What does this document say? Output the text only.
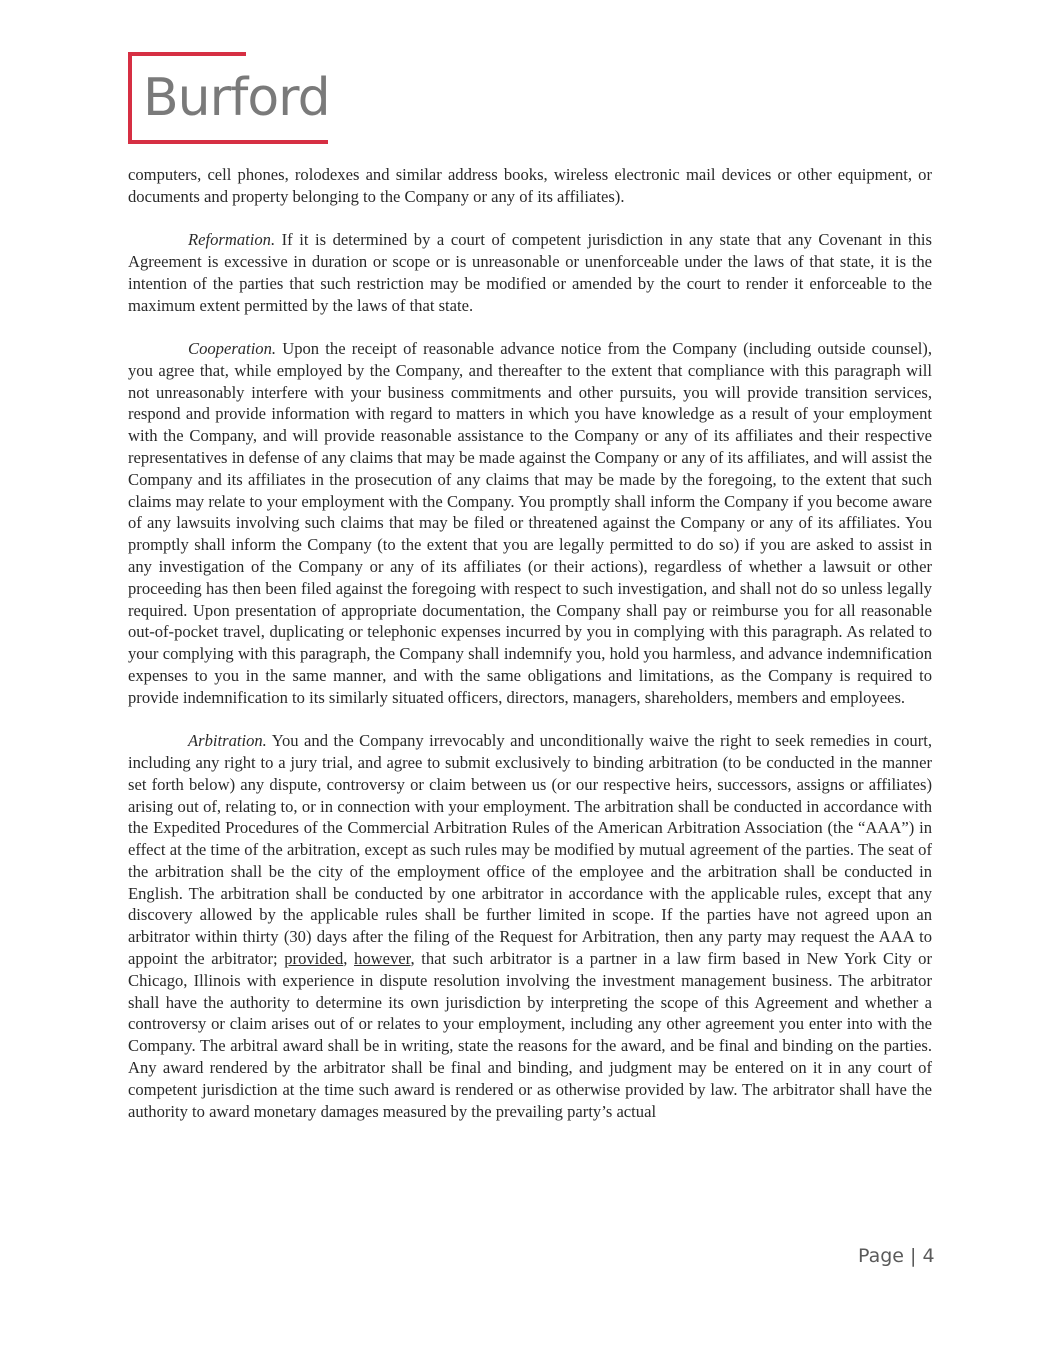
Burford

computers, cell phones, rolodexes and similar address books, wireless electronic mail devices or other equipment, or documents and property belonging to the Company or any of its affiliates).

Reformation. If it is determined by a court of competent jurisdiction in any state that any Covenant in this Agreement is excessive in duration or scope or is unreasonable or unenforceable under the laws of that state, it is the intention of the parties that such restriction may be modified or amended by the court to render it enforceable to the maximum extent permitted by the laws of that state.

Cooperation. Upon the receipt of reasonable advance notice from the Company (including outside counsel), you agree that, while employed by the Company, and thereafter to the extent that compliance with this paragraph will not unreasonably interfere with your business commitments and other pursuits, you will provide transition services, respond and provide information with regard to matters in which you have knowledge as a result of your employment with the Company, and will provide reasonable assistance to the Company or any of its affiliates and their respective representatives in defense of any claims that may be made against the Company or any of its affiliates, and will assist the Company and its affiliates in the prosecution of any claims that may be made by the foregoing, to the extent that such claims may relate to your employment with the Company. You promptly shall inform the Company if you become aware of any lawsuits involving such claims that may be filed or threatened against the Company or any of its affiliates. You promptly shall inform the Company (to the extent that you are legally permitted to do so) if you are asked to assist in any investigation of the Company or any of its affiliates (or their actions), regardless of whether a lawsuit or other proceeding has then been filed against the foregoing with respect to such investigation, and shall not do so unless legally required. Upon presentation of appropriate documentation, the Company shall pay or reimburse you for all reasonable out-of-pocket travel, duplicating or telephonic expenses incurred by you in complying with this paragraph. As related to your complying with this paragraph, the Company shall indemnify you, hold you harmless, and advance indemnification expenses to you in the same manner, and with the same obligations and limitations, as the Company is required to provide indemnification to its similarly situated officers, directors, managers, shareholders, members and employees.

Arbitration. You and the Company irrevocably and unconditionally waive the right to seek remedies in court, including any right to a jury trial, and agree to submit exclusively to binding arbitration (to be conducted in the manner set forth below) any dispute, controversy or claim between us (or our respective heirs, successors, assigns or affiliates) arising out of, relating to, or in connection with your employment. The arbitration shall be conducted in accordance with the Expedited Procedures of the Commercial Arbitration Rules of the American Arbitration Association (the “AAA”) in effect at the time of the arbitration, except as such rules may be modified by mutual agreement of the parties. The seat of the arbitration shall be the city of the employment office of the employee and the arbitration shall be conducted in English. The arbitration shall be conducted by one arbitrator in accordance with the applicable rules, except that any discovery allowed by the applicable rules shall be further limited in scope. If the parties have not agreed upon an arbitrator within thirty (30) days after the filing of the Request for Arbitration, then any party may request the AAA to appoint the arbitrator; provided, however, that such arbitrator is a partner in a law firm based in New York City or Chicago, Illinois with experience in dispute resolution involving the investment management business. The arbitrator shall have the authority to determine its own jurisdiction by interpreting the scope of this Agreement and whether a controversy or claim arises out of or relates to your employment, including any other agreement you enter into with the Company. The arbitral award shall be in writing, state the reasons for the award, and be final and binding on the parties. Any award rendered by the arbitrator shall be final and binding, and judgment may be entered on it in any court of competent jurisdiction at the time such award is rendered or as otherwise provided by law. The arbitrator shall have the authority to award monetary damages measured by the prevailing party’s actual

Page | 4
